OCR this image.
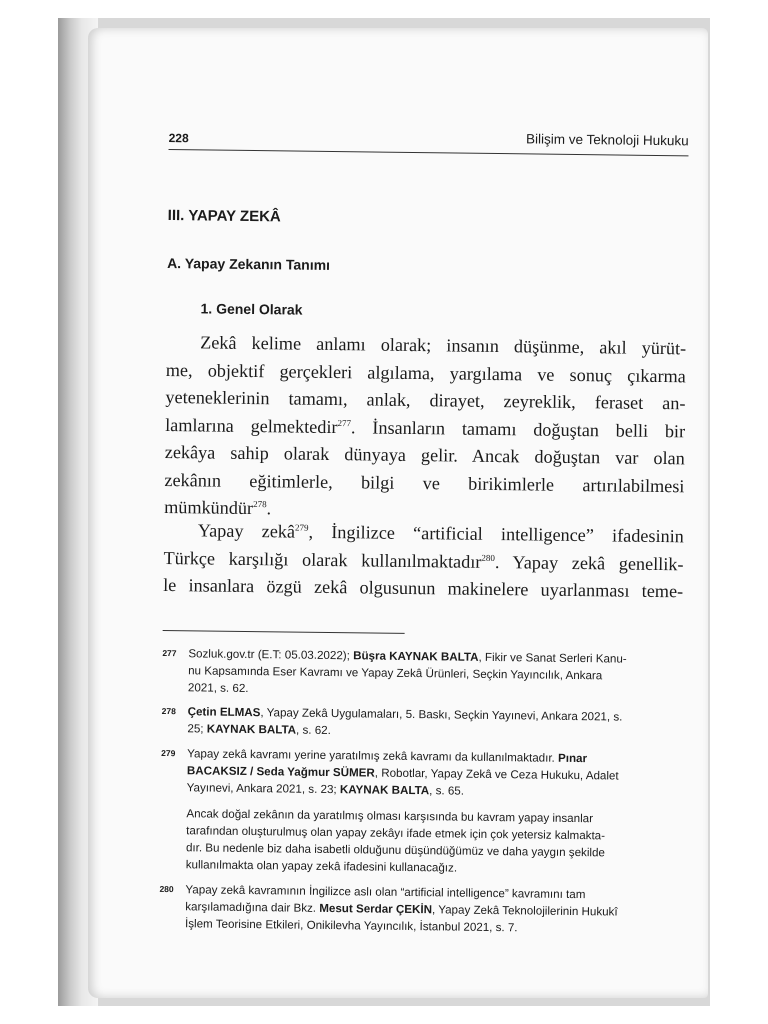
228	Bilişim ve Teknoloji Hukuku
III. YAPAY ZEKÂ
A. Yapay Zekanın Tanımı
1. Genel Olarak
Zekâ kelime anlamı olarak; insanın düşünme, akıl yürüt-
me, objektif gerçekleri algılama, yargılama ve sonuç çıkarma
yeteneklerinin tamamı, anlak, dirayet, zeyreklik, feraset an-
lamlarına gelmektedir$^{277}$. İnsanların tamamı doğuştan belli bir
zekâya sahip olarak dünyaya gelir. Ancak doğuştan var olan
zekânın eğitimlerle, bilgi ve birikimlerle artırılabilmesi
mümkündür$^{278}$.
Yapay zekâ$^{279}$, İngilizce “artificial intelligence” ifadesinin
Türkçe karşılığı olarak kullanılmaktadır$^{280}$. Yapay zekâ genellik-
le insanlara özgü zekâ olgusunun makinelere uyarlanması teme-
277 Sozluk.gov.tr (E.T: 05.03.2022); Büşra KAYNAK BALTA, Fikir ve Sanat Serleri Kanu-
nu Kapsamında Eser Kavramı ve Yapay Zekâ Ürünleri, Seçkin Yayıncılık, Ankara
2021, s. 62.
278 Çetin ELMAS, Yapay Zekâ Uygulamaları, 5. Baskı, Seçkin Yayınevi, Ankara 2021, s.
25; KAYNAK BALTA, s. 62.
279 Yapay zekâ kavramı yerine yaratılmış zekâ kavramı da kullanılmaktadır. Pınar
BACAKSIZ / Seda Yağmur SÜMER, Robotlar, Yapay Zekâ ve Ceza Hukuku, Adalet
Yayınevi, Ankara 2021, s. 23; KAYNAK BALTA, s. 65.
Ancak doğal zekânın da yaratılmış olması karşısında bu kavram yapay insanlar
tarafından oluşturulmuş olan yapay zekâyı ifade etmek için çok yetersiz kalmakta-
dır. Bu nedenle biz daha isabetli olduğunu düşündüğümüz ve daha yaygın şekilde
kullanılmakta olan yapay zekâ ifadesini kullanacağız.
280 Yapay zekâ kavramının İngilizce aslı olan “artificial intelligence” kavramını tam
karşılamadığına dair Bkz. Mesut Serdar ÇEKİN, Yapay Zekâ Teknolojilerinin Hukukî
İşlem Teorisine Etkileri, Onikilevha Yayıncılık, İstanbul 2021, s. 7.
